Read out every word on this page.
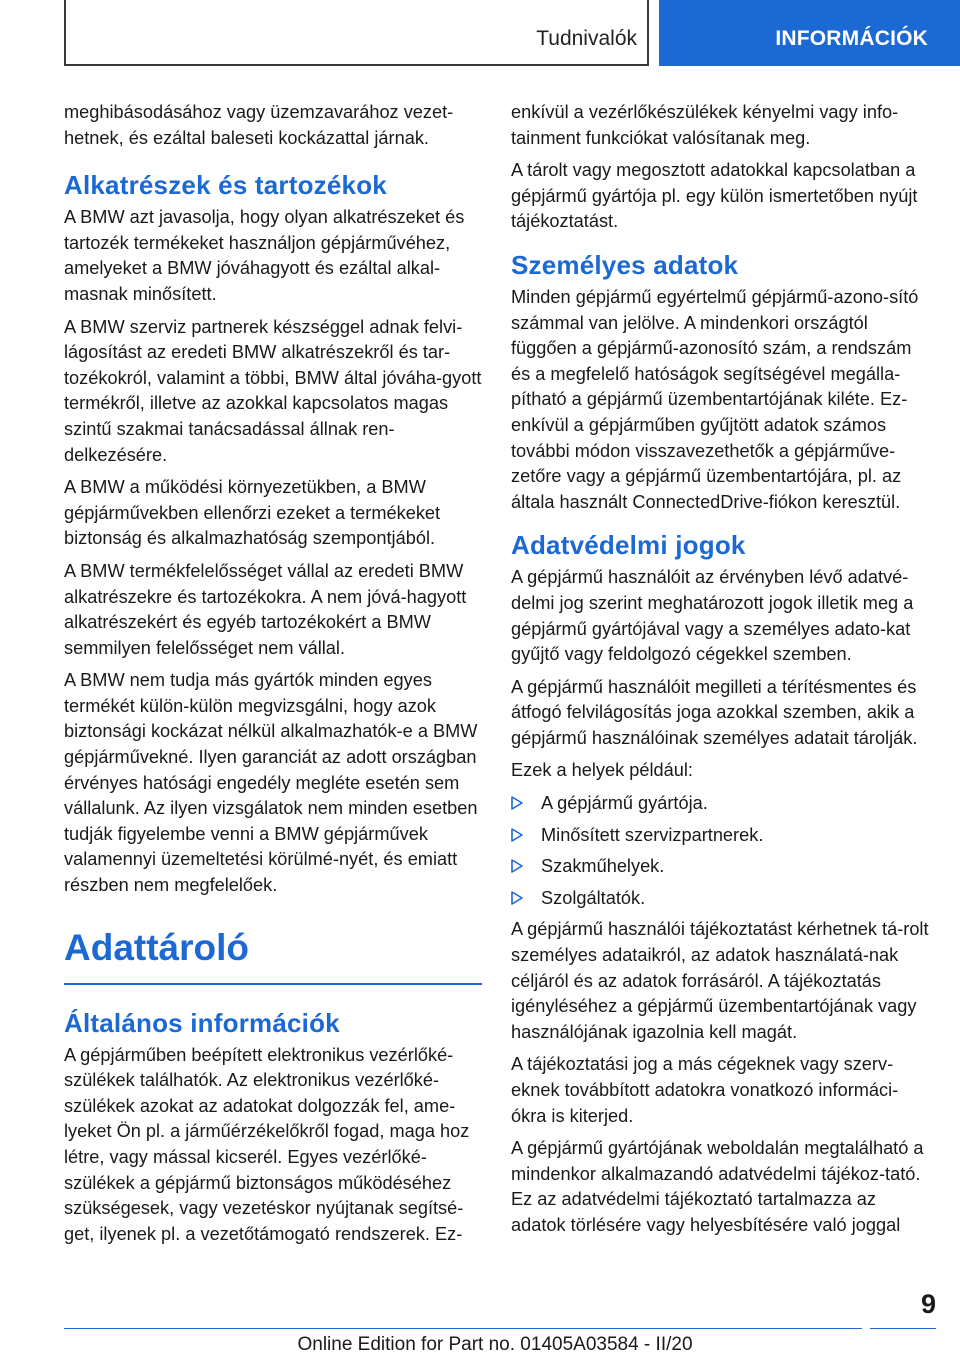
Tudnivalók	INFORMÁCIÓK

meghibásodásához vagy üzemzavarához vezet-hetnek, és ezáltal baleseti kockázattal járnak.

Alkatrészek és tartozékok

A BMW azt javasolja, hogy olyan alkatrészeket és tartozék termékeket használjon gépjárművéhez, amelyeket a BMW jóváhagyott és ezáltal alkal-masnak minősített.

A BMW szerviz partnerek készséggel adnak felvi-lágosítást az eredeti BMW alkatrészekről és tar-tozékokról, valamint a többi, BMW által jóváha-gyott termékről, illetve az azokkal kapcsolatos magas szintű szakmai tanácsadással állnak ren-delkezésére.

A BMW a működési környezetükben, a BMW gépjárművekben ellenőrzi ezeket a termékeket biztonság és alkalmazhatóság szempontjából.

A BMW termékfelelősséget vállal az eredeti BMW alkatrészekre és tartozékokra. A nem jóvá-hagyott alkatrészekért és egyéb tartozékokért a BMW semmilyen felelősséget nem vállal.

A BMW nem tudja más gyártók minden egyes termékét külön-külön megvizsgálni, hogy azok biztonsági kockázat nélkül alkalmazhatók-e a BMW gépjárművekné. Ilyen garanciát az adott országban érvényes hatósági engedély megléte esetén sem vállalunk. Az ilyen vizsgálatok nem minden esetben tudják figyelembe venni a BMW gépjárművek valamennyi üzemeltetési körülmé-nyét, és emiatt részben nem megfelelőek.

Adattároló
Általános információk

A gépjárműben beépített elektronikus vezérlőké-szülékek találhatók. Az elektronikus vezérlőké-szülékek azokat az adatokat dolgozzák fel, ame-lyeket Ön pl. a járműérzékelőkről fogad, maga hoz létre, vagy mással kicserél. Egyes vezérlőké-szülékek a gépjármű biztonságos működéséhez szükségesek, vagy vezetéskor nyújtanak segítsé-get, ilyenek pl. a vezetőtámogató rendszerek. Ez-

enkívül a vezérlőkészülékek kényelmi vagy info-tainment funkciókat valósítanak meg.

A tárolt vagy megosztott adatokkal kapcsolatban a gépjármű gyártója pl. egy külön ismertetőben nyújt tájékoztatást.

Személyes adatok

Minden gépjármű egyértelmű gépjármű-azono-sító számmal van jelölve. A mindenkori országtól függően a gépjármű-azonosító szám, a rendszám és a megfelelő hatóságok segítségével megálla-pítható a gépjármű üzembentartójának kiléte. Ez-enkívül a gépjárműben gyűjtött adatok számos további módon visszavezethetők a gépjárműve-zetőre vagy a gépjármű üzembentartójára, pl. az általa használt ConnectedDrive-fiókon keresztül.

Adatvédelmi jogok

A gépjármű használóit az érvényben lévő adatvé-delmi jog szerint meghatározott jogok illetik meg a gépjármű gyártójával vagy a személyes adato-kat gyűjtő vagy feldolgozó cégekkel szemben.

A gépjármű használóit megilleti a térítésmentes és átfogó felvilágosítás joga azokkal szemben, akik a gépjármű használóinak személyes adatait tárolják.

Ezek a helyek például:

A gépjármű gyártója.
Minősített szervizpartnerek.
Szakműhelyek.
Szolgáltatók.

A gépjármű használói tájékoztatást kérhetnek tá-rolt személyes adataikról, az adatok használatá-nak céljáról és az adatok forrásáról. A tájékoztatás igényléséhez a gépjármű üzembentartójának vagy használójának igazolnia kell magát.

A tájékoztatási jog a más cégeknek vagy szerv-eknek továbbított adatokra vonatkozó informáci-ókra is kiterjed.

A gépjármű gyártójának weboldalán megtalálható a mindenkor alkalmazandó adatvédelmi tájékoz-tató. Ez az adatvédelmi tájékoztató tartalmazza az adatok törlésére vagy helyesbítésére való joggal

9
Online Edition for Part no. 01405A03584 - II/20
